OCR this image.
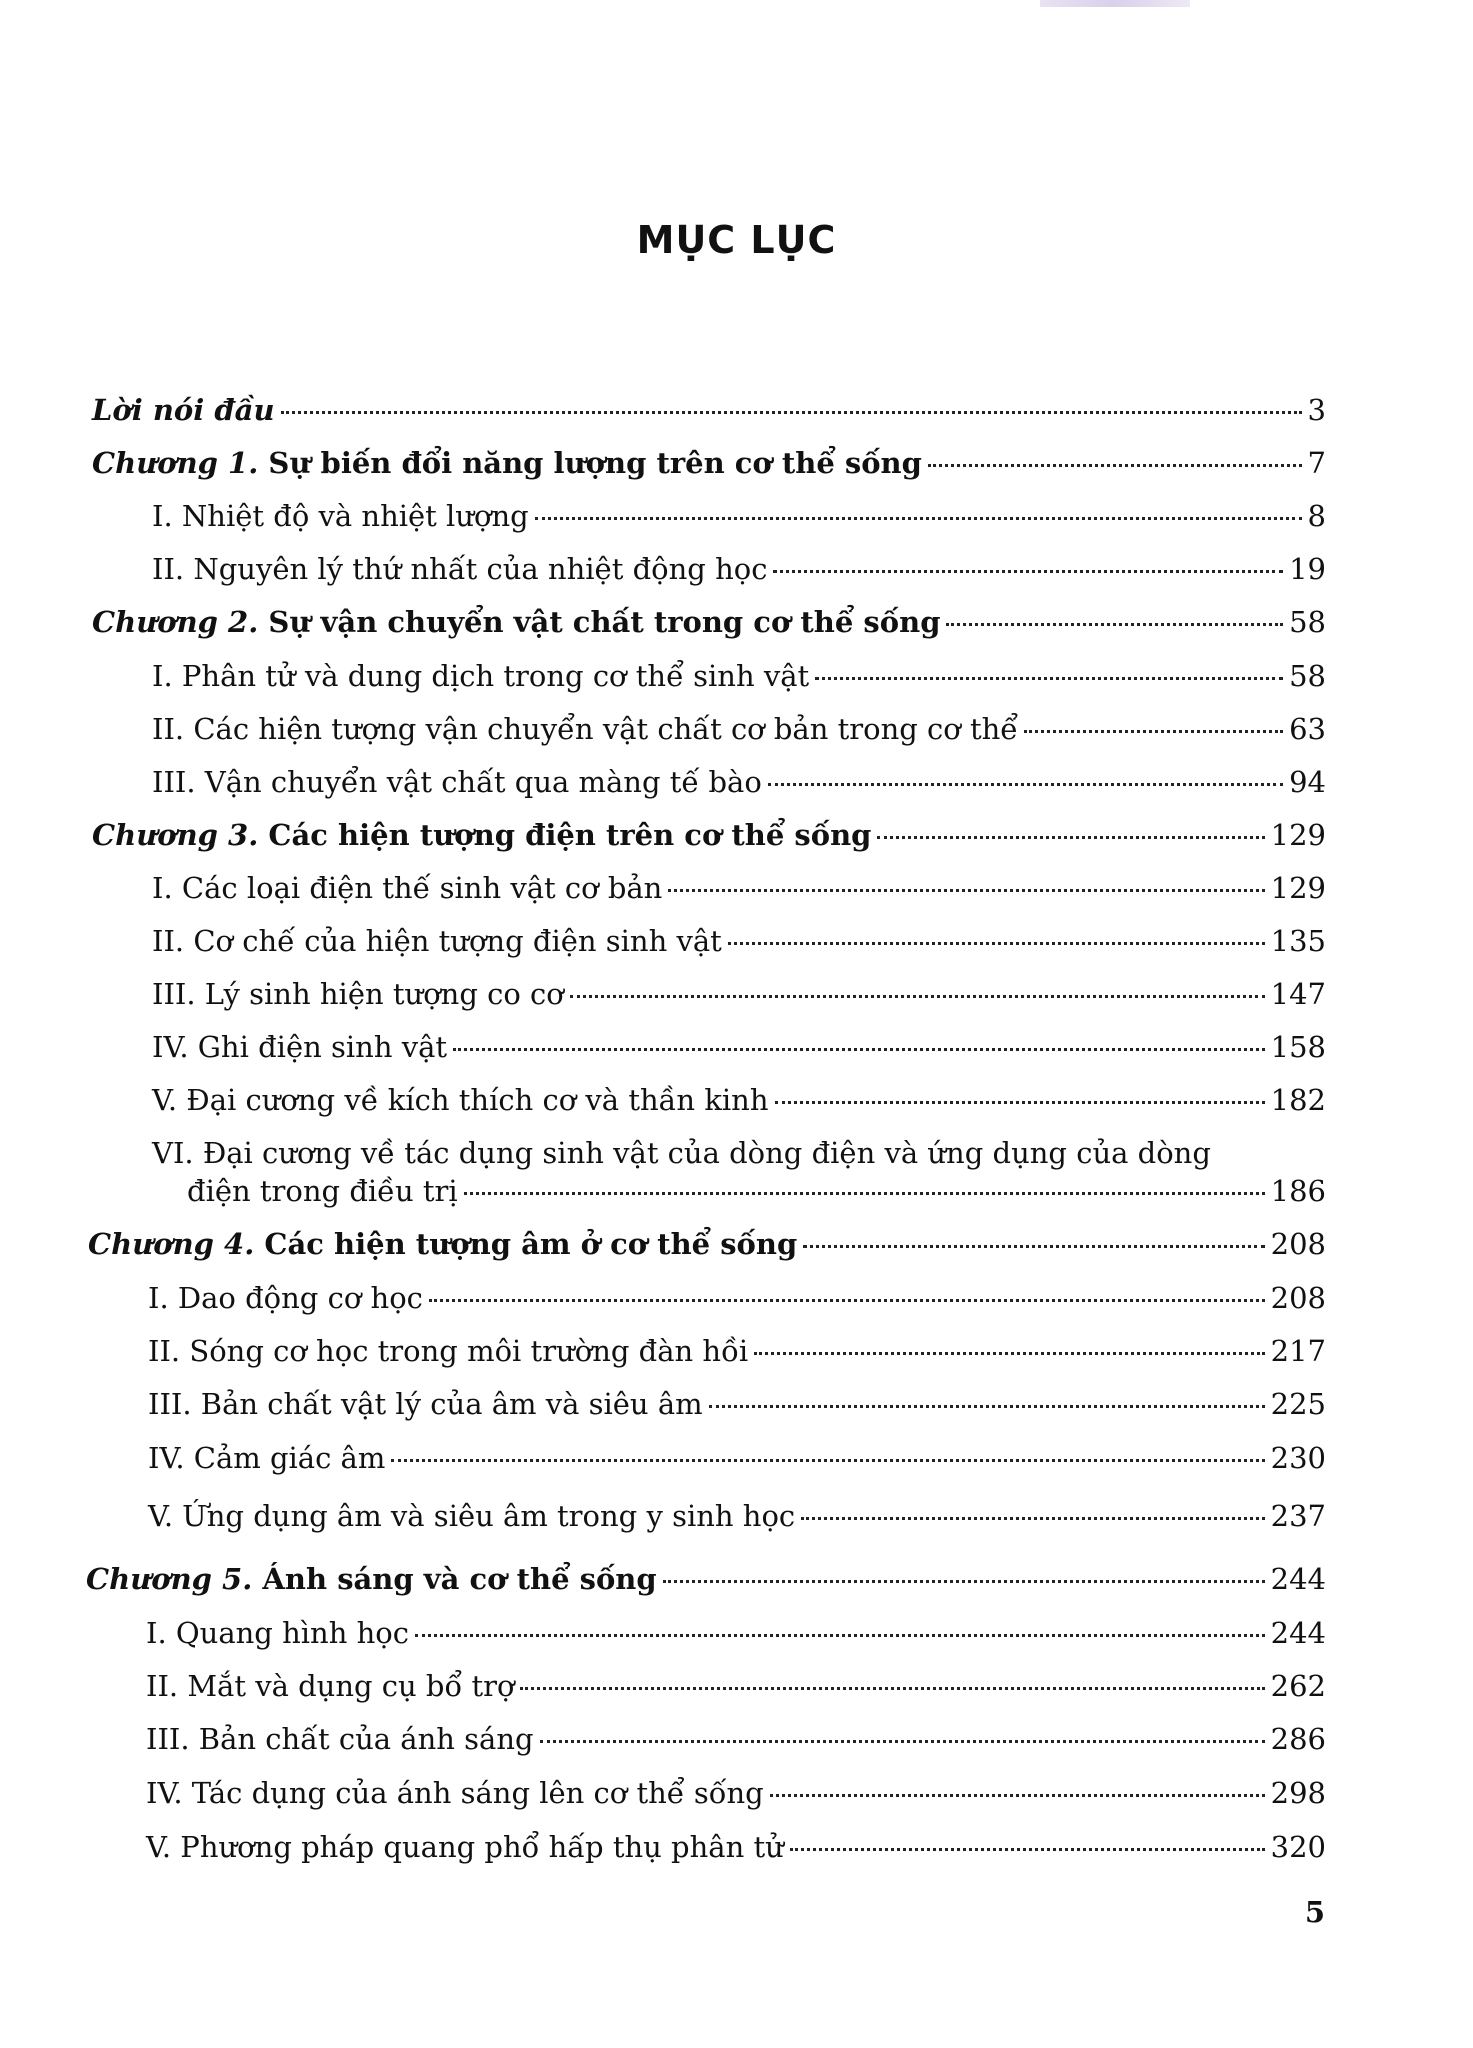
MỤC LỤC
Lời nói đầu	3
Chương 1. Sự biến đổi năng lượng trên cơ thể sống	7
I. Nhiệt độ và nhiệt lượng	8
II. Nguyên lý thứ nhất của nhiệt động học	19
Chương 2. Sự vận chuyển vật chất trong cơ thể sống	58
I. Phân tử và dung dịch trong cơ thể sinh vật	58
II. Các hiện tượng vận chuyển vật chất cơ bản trong cơ thể	63
III. Vận chuyển vật chất qua màng tế bào	94
Chương 3. Các hiện tượng điện trên cơ thể sống	129
I. Các loại điện thế sinh vật cơ bản	129
II. Cơ chế của hiện tượng điện sinh vật	135
III. Lý sinh hiện tượng co cơ	147
IV. Ghi điện sinh vật	158
V. Đại cương về kích thích cơ và thần kinh	182
VI. Đại cương về tác dụng sinh vật của dòng điện và ứng dụng của dòng
điện trong điều trị	186
Chương 4. Các hiện tượng âm ở cơ thể sống	208
I. Dao động cơ học	208
II. Sóng cơ học trong môi trường đàn hồi	217
III. Bản chất vật lý của âm và siêu âm	225
IV. Cảm giác âm	230
V. Ứng dụng âm và siêu âm trong y sinh học	237
Chương 5. Ánh sáng và cơ thể sống	244
I. Quang hình học	244
II. Mắt và dụng cụ bổ trợ	262
III. Bản chất của ánh sáng	286
IV. Tác dụng của ánh sáng lên cơ thể sống	298
V. Phương pháp quang phổ hấp thụ phân tử	320
5
